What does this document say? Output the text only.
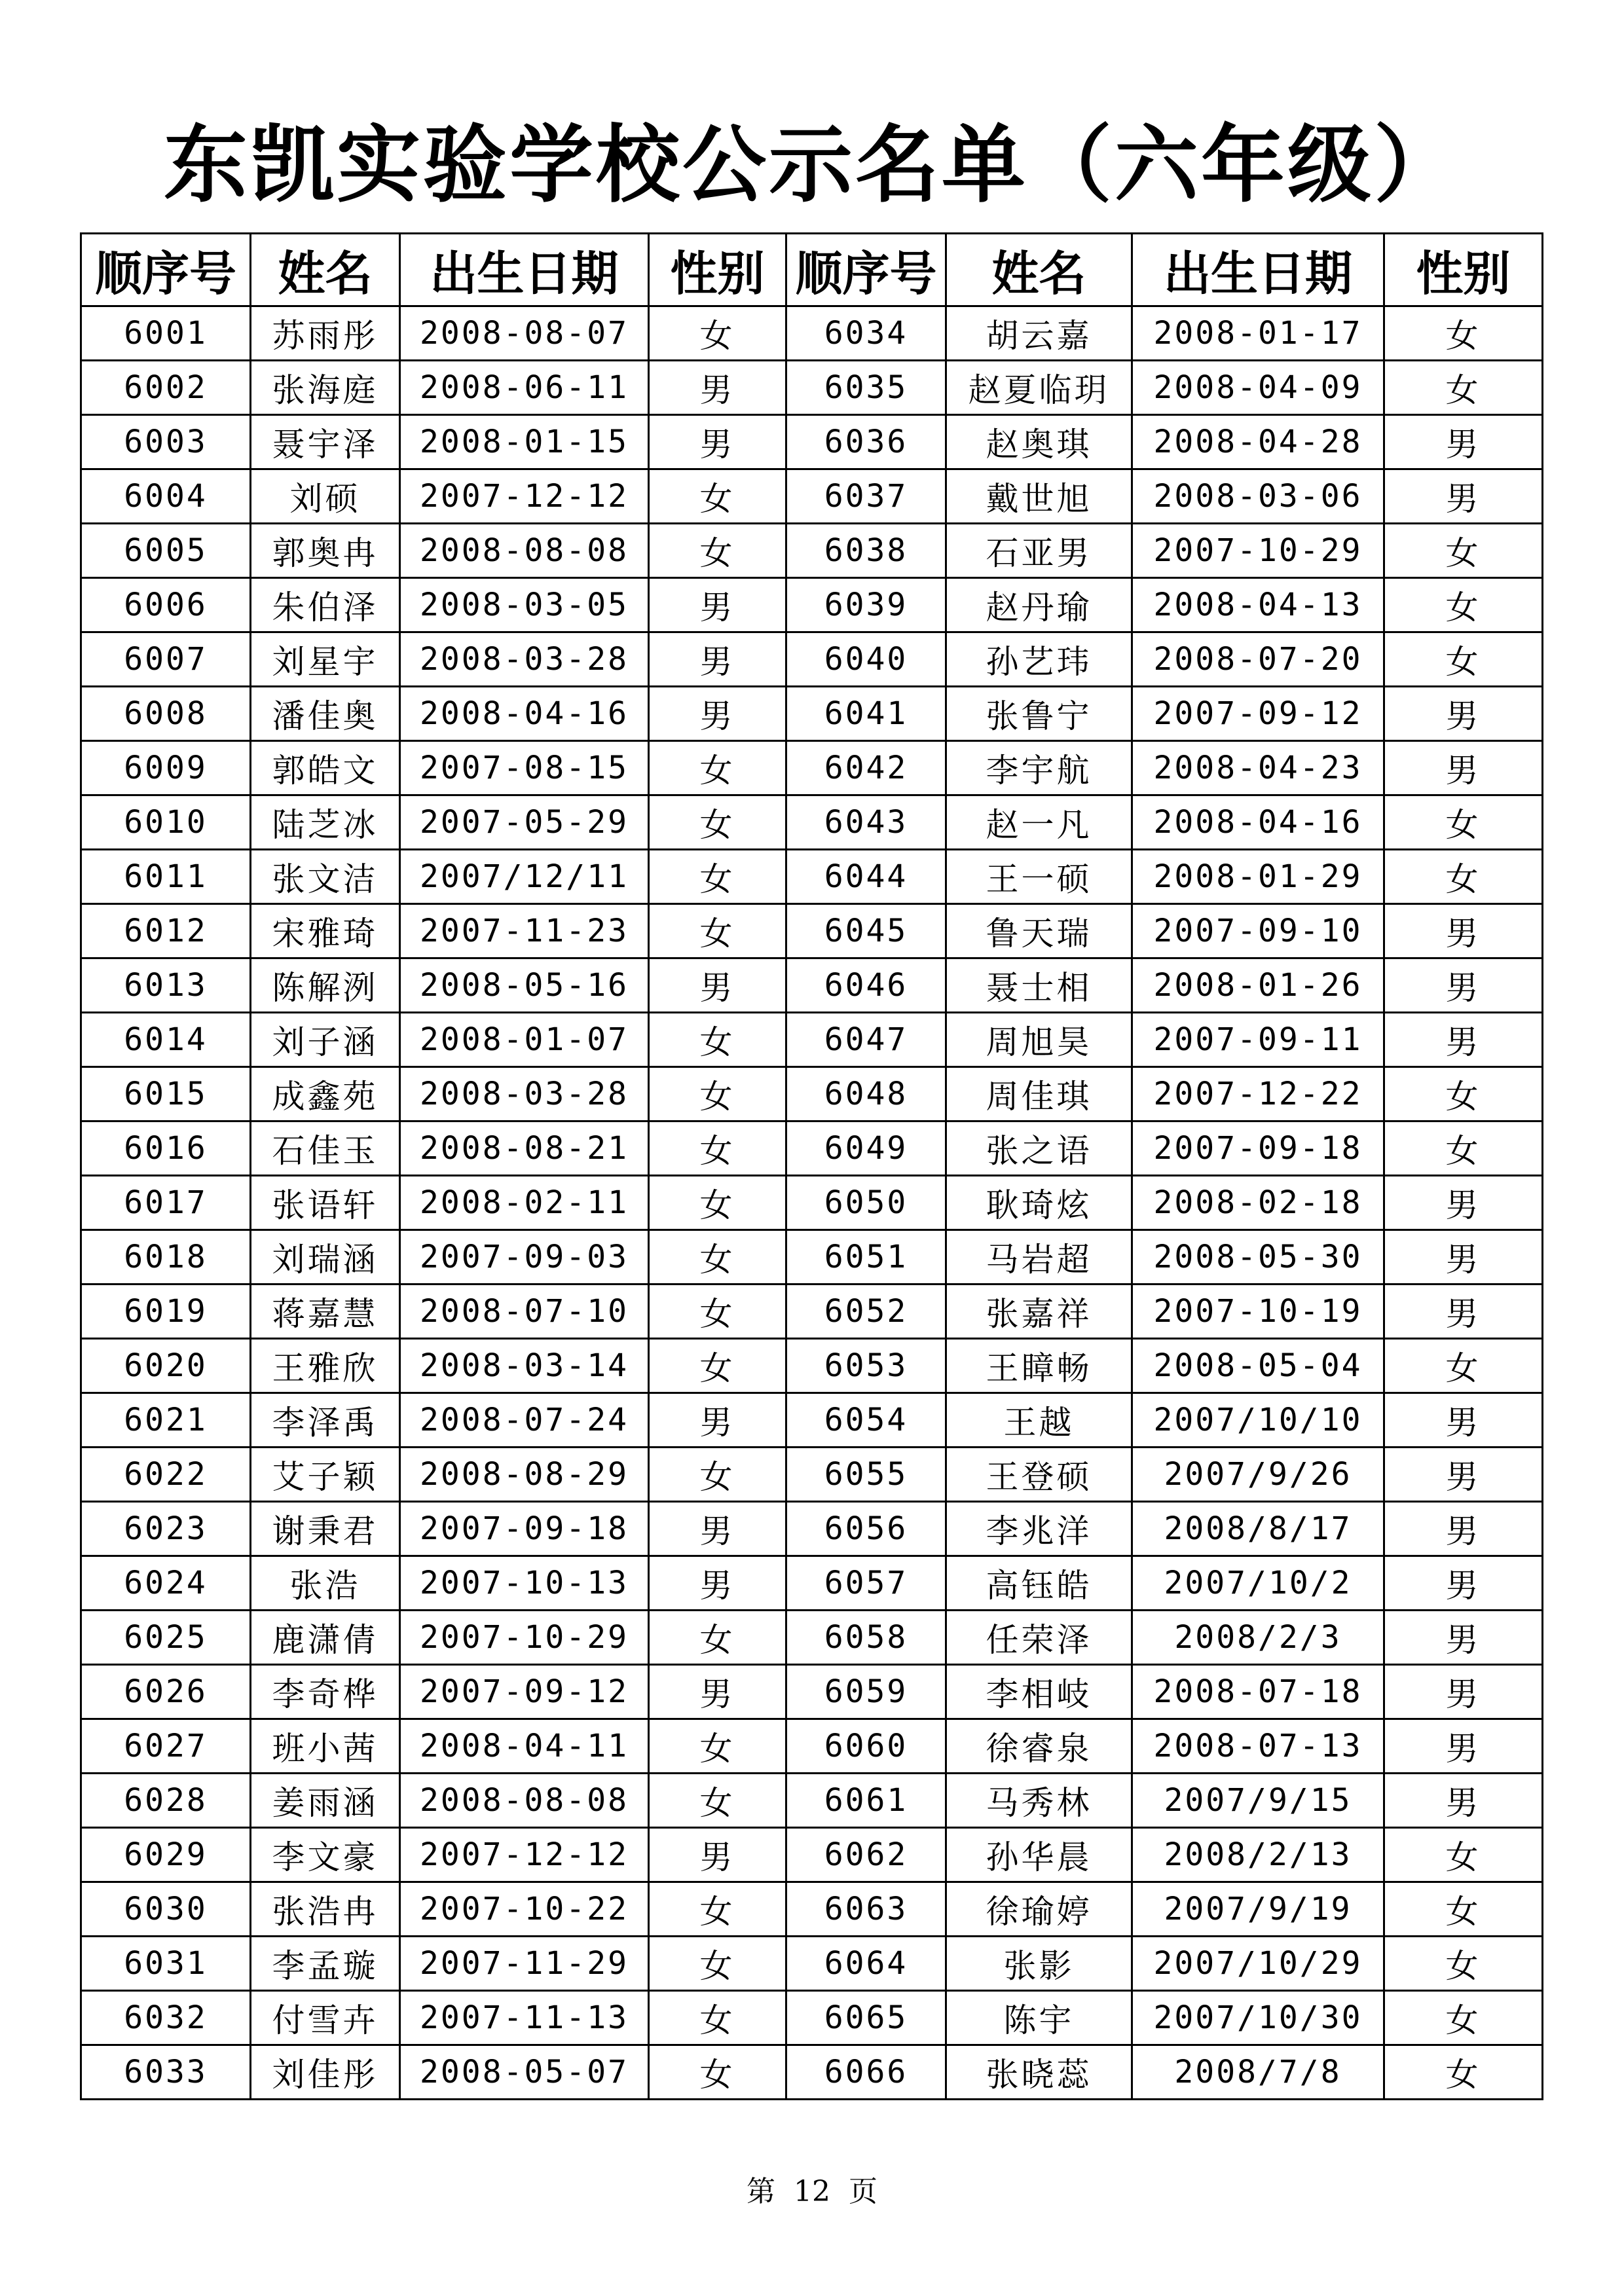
东凯实验学校公示名单（六年级）
顺序号	姓名	出生日期	性别	顺序号	姓名	出生日期	性别
6001	苏雨彤	2008-08-07	女	6034	胡云嘉	2008-01-17	女
6002	张海庭	2008-06-11	男	6035	赵夏临玥	2008-04-09	女
6003	聂宇泽	2008-01-15	男	6036	赵奥琪	2008-04-28	男
6004	刘硕	2007-12-12	女	6037	戴世旭	2008-03-06	男
6005	郭奥冉	2008-08-08	女	6038	石亚男	2007-10-29	女
6006	朱伯泽	2008-03-05	男	6039	赵丹瑜	2008-04-13	女
6007	刘星宇	2008-03-28	男	6040	孙艺玮	2008-07-20	女
6008	潘佳奥	2008-04-16	男	6041	张鲁宁	2007-09-12	男
6009	郭皓文	2007-08-15	女	6042	李宇航	2008-04-23	男
6010	陆芝冰	2007-05-29	女	6043	赵一凡	2008-04-16	女
6011	张文洁	2007/12/11	女	6044	王一硕	2008-01-29	女
6012	宋雅琦	2007-11-23	女	6045	鲁天瑞	2007-09-10	男
6013	陈解洌	2008-05-16	男	6046	聂士相	2008-01-26	男
6014	刘子涵	2008-01-07	女	6047	周旭昊	2007-09-11	男
6015	成鑫苑	2008-03-28	女	6048	周佳琪	2007-12-22	女
6016	石佳玉	2008-08-21	女	6049	张之语	2007-09-18	女
6017	张语轩	2008-02-11	女	6050	耿琦炫	2008-02-18	男
6018	刘瑞涵	2007-09-03	女	6051	马岩超	2008-05-30	男
6019	蒋嘉慧	2008-07-10	女	6052	张嘉祥	2007-10-19	男
6020	王雅欣	2008-03-14	女	6053	王瞕畅	2008-05-04	女
6021	李泽禹	2008-07-24	男	6054	王越	2007/10/10	男
6022	艾子颖	2008-08-29	女	6055	王登硕	2007/9/26	男
6023	谢秉君	2007-09-18	男	6056	李兆洋	2008/8/17	男
6024	张浩	2007-10-13	男	6057	高钰皓	2007/10/2	男
6025	鹿潇倩	2007-10-29	女	6058	任荣泽	2008/2/3	男
6026	李奇桦	2007-09-12	男	6059	李相岐	2008-07-18	男
6027	班小茜	2008-04-11	女	6060	徐睿泉	2008-07-13	男
6028	姜雨涵	2008-08-08	女	6061	马秀林	2007/9/15	男
6029	李文豪	2007-12-12	男	6062	孙华晨	2008/2/13	女
6030	张浩冉	2007-10-22	女	6063	徐瑜婷	2007/9/19	女
6031	李孟璇	2007-11-29	女	6064	张影	2007/10/29	女
6032	付雪卉	2007-11-13	女	6065	陈宇	2007/10/30	女
6033	刘佳彤	2008-05-07	女	6066	张晓蕊	2008/7/8	女
第  12  页
